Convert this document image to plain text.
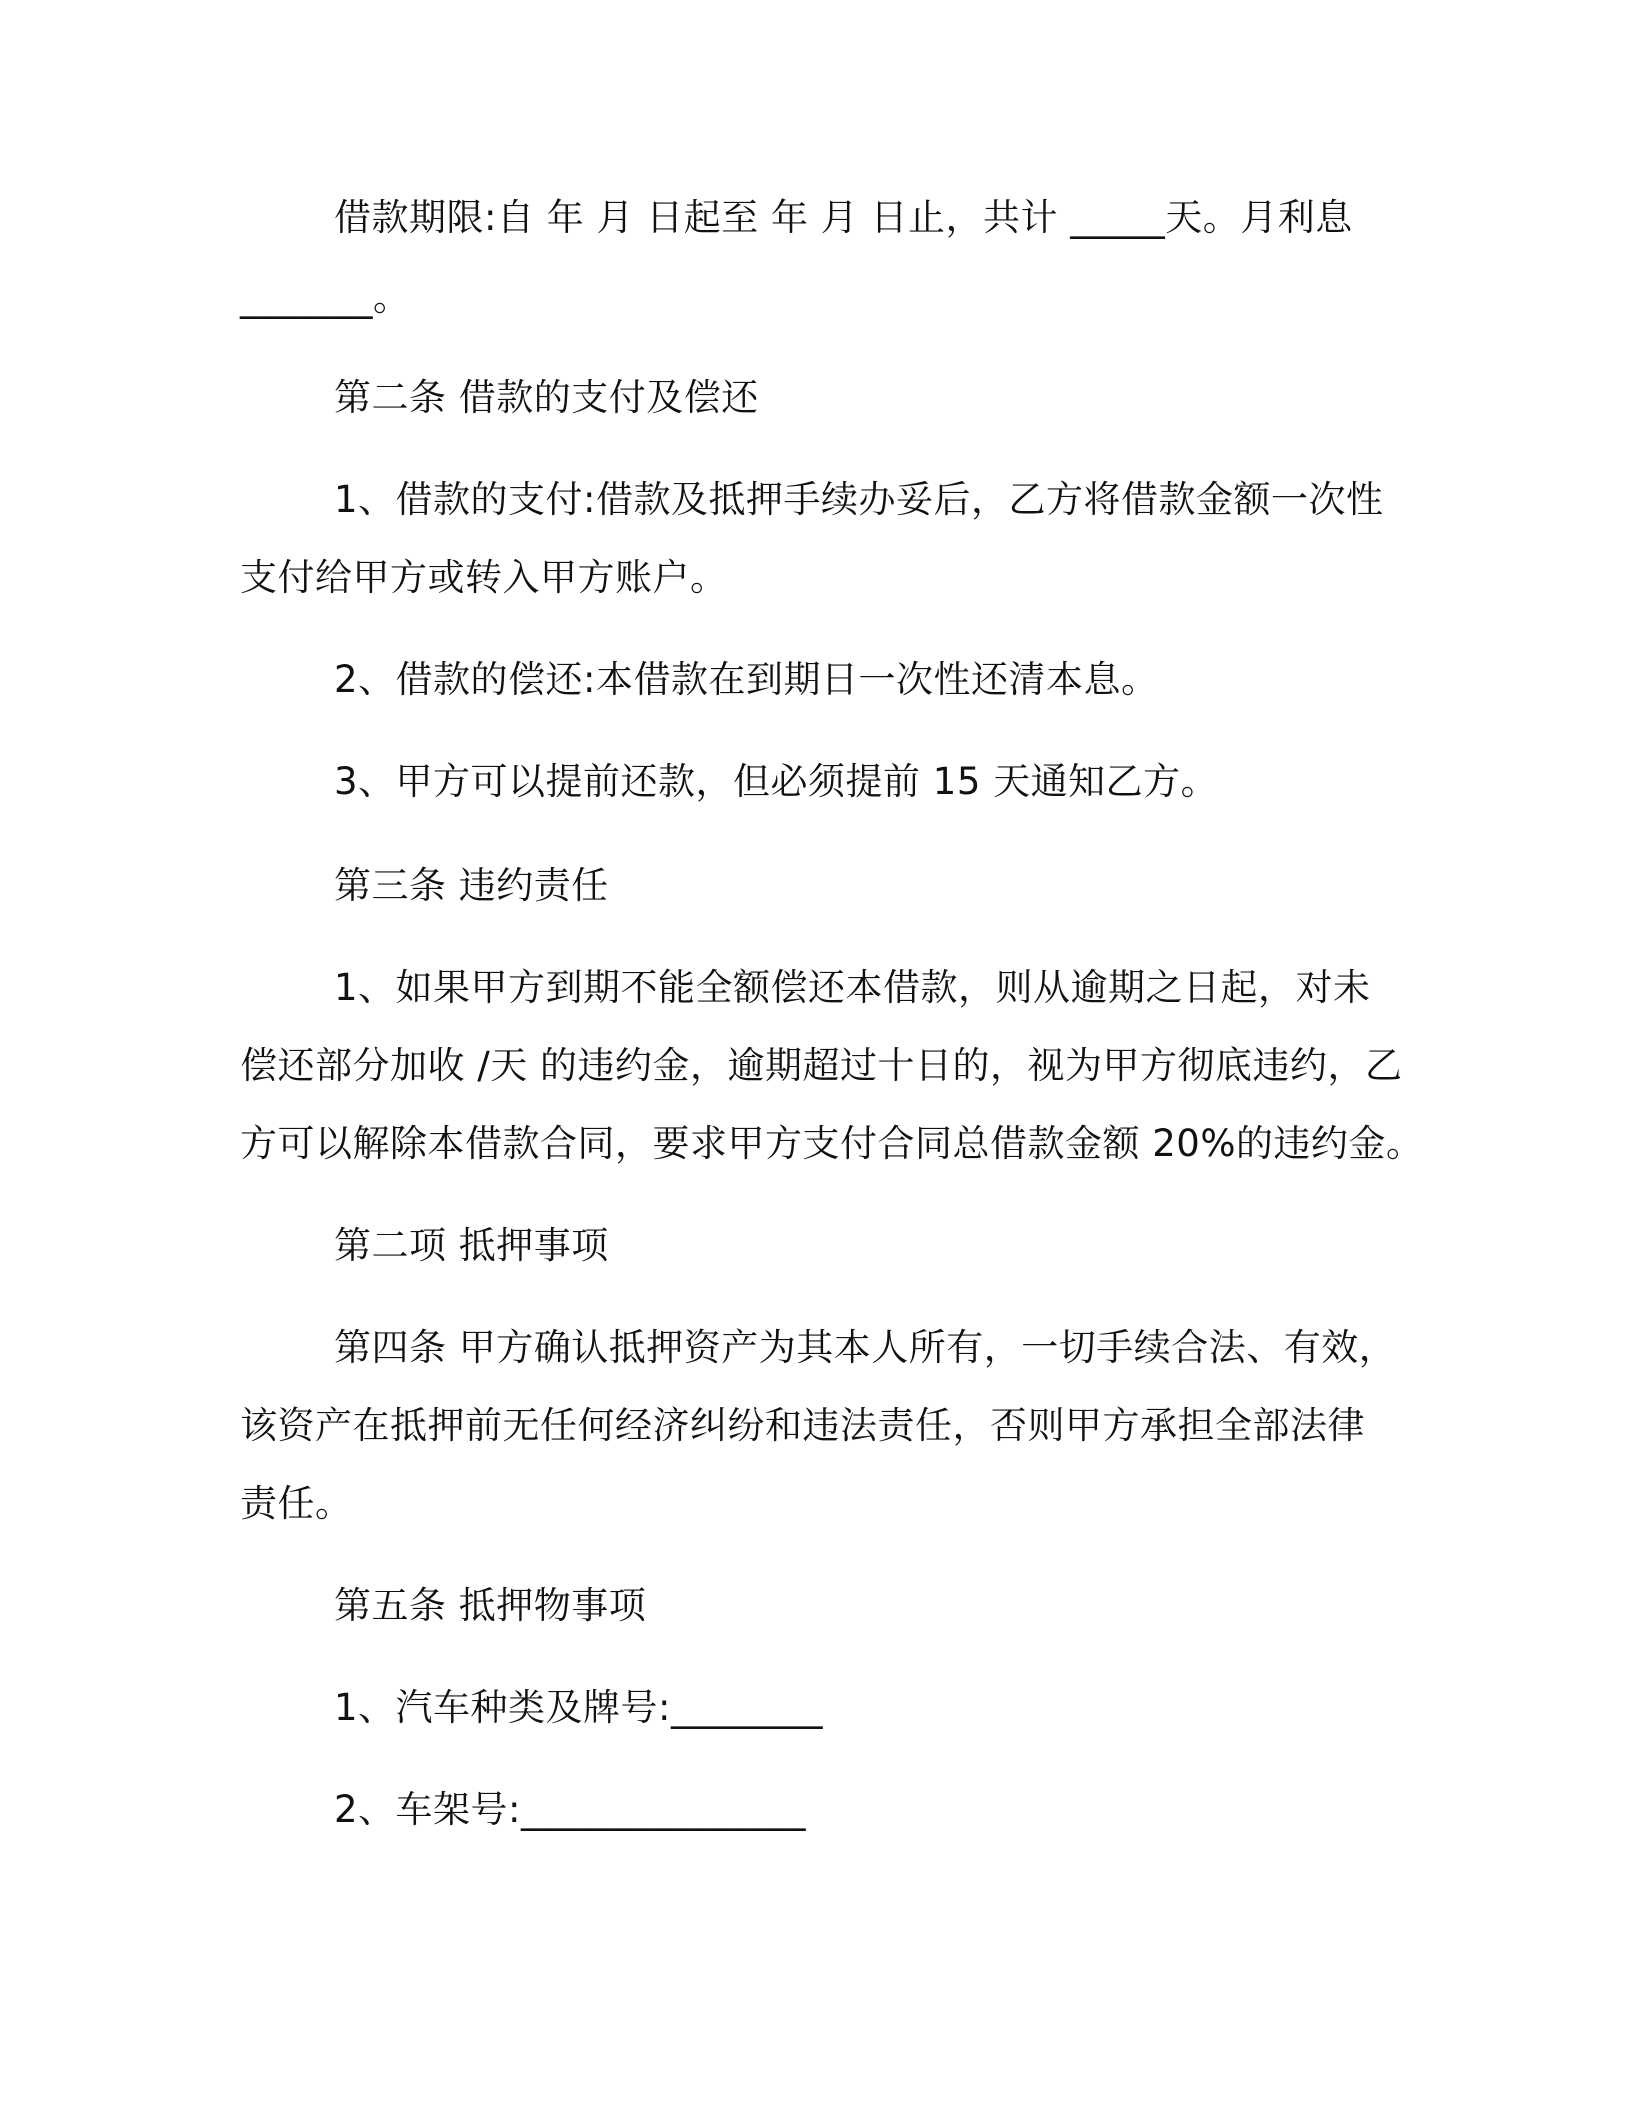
借款期限:自 年 月 日起至 年 月 日止，共计 _____天。月利息
_______。
第二条 借款的支付及偿还
1、借款的支付:借款及抵押手续办妥后，乙方将借款金额一次性
支付给甲方或转入甲方账户。
2、借款的偿还:本借款在到期日一次性还清本息。
3、甲方可以提前还款，但必须提前 15 天通知乙方。
第三条 违约责任
1、如果甲方到期不能全额偿还本借款，则从逾期之日起，对未
偿还部分加收 /天 的违约金，逾期超过十日的，视为甲方彻底违约，乙
方可以解除本借款合同，要求甲方支付合同总借款金额 20%的违约金。
第二项 抵押事项
第四条 甲方确认抵押资产为其本人所有，一切手续合法、有效，
该资产在抵押前无任何经济纠纷和违法责任，否则甲方承担全部法律
责任。
第五条 抵押物事项
1、汽车种类及牌号:________
2、车架号:_______________
